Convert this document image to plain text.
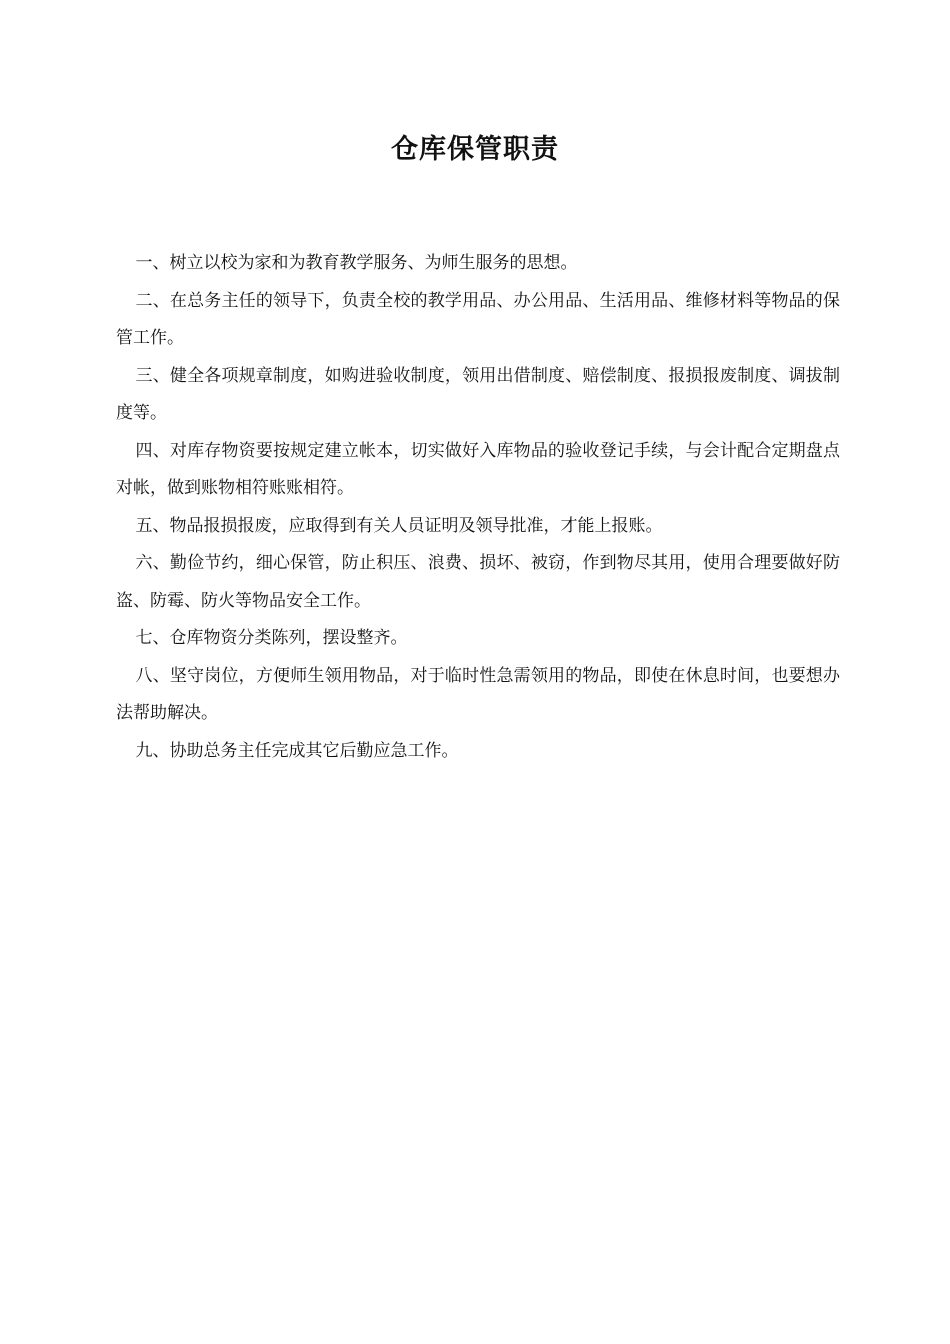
仓库保管职责

一、树立以校为家和为教育教学服务、为师生服务的思想。

二、在总务主任的领导下，负责全校的教学用品、办公用品、生活用品、维修材料等物品的保管工作。

三、健全各项规章制度，如购进验收制度，领用出借制度、赔偿制度、报损报废制度、调拔制度等。

四、对库存物资要按规定建立帐本，切实做好入库物品的验收登记手续，与会计配合定期盘点对帐，做到账物相符账账相符。

五、物品报损报废，应取得到有关人员证明及领导批准，才能上报账。

六、勤俭节约，细心保管，防止积压、浪费、损坏、被窃，作到物尽其用，使用合理要做好防盗、防霉、防火等物品安全工作。

七、仓库物资分类陈列，摆设整齐。

八、坚守岗位，方便师生领用物品，对于临时性急需领用的物品，即使在休息时间，也要想办法帮助解决。

九、协助总务主任完成其它后勤应急工作。
